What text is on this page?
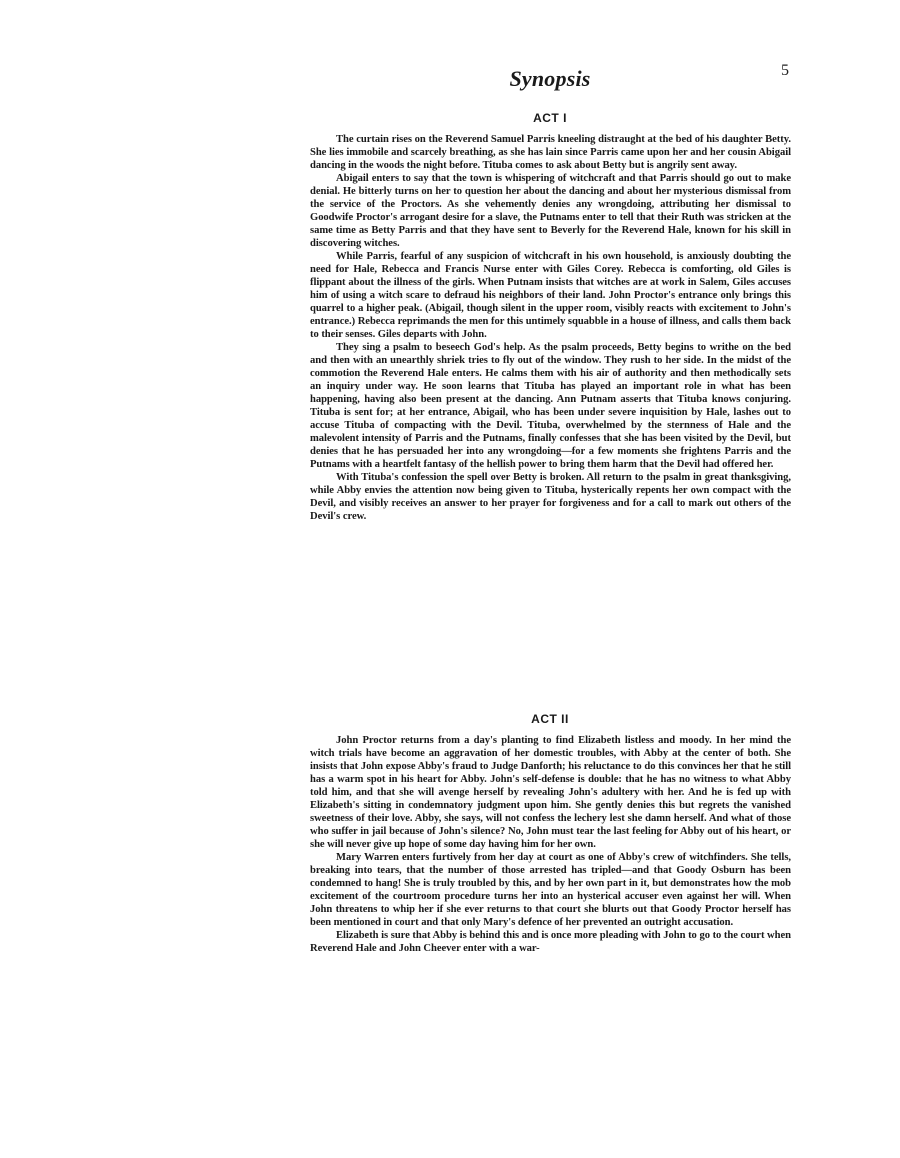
5
Synopsis
ACT I

The curtain rises on the Reverend Samuel Parris kneeling distraught at the bed of his daughter Betty. She lies immobile and scarcely breathing, as she has lain since Parris came upon her and her cousin Abigail dancing in the woods the night before. Tituba comes to ask about Betty but is angrily sent away.

Abigail enters to say that the town is whispering of witchcraft and that Parris should go out to make denial. He bitterly turns on her to question her about the dancing and about her mysterious dismissal from the service of the Proctors. As she vehemently denies any wrongdoing, attributing her dismissal to Goodwife Proctor's arrogant desire for a slave, the Putnams enter to tell that their Ruth was stricken at the same time as Betty Parris and that they have sent to Beverly for the Reverend Hale, known for his skill in discovering witches.

While Parris, fearful of any suspicion of witchcraft in his own household, is anxiously doubting the need for Hale, Rebecca and Francis Nurse enter with Giles Corey. Rebecca is comforting, old Giles is flippant about the illness of the girls. When Putnam insists that witches are at work in Salem, Giles accuses him of using a witch scare to defraud his neighbors of their land. John Proctor's entrance only brings this quarrel to a higher peak. (Abigail, though silent in the upper room, visibly reacts with excitement to John's entrance.) Rebecca reprimands the men for this untimely squabble in a house of illness, and calls them back to their senses. Giles departs with John.

They sing a psalm to beseech God's help. As the psalm proceeds, Betty begins to writhe on the bed and then with an unearthly shriek tries to fly out of the window. They rush to her side. In the midst of the commotion the Reverend Hale enters. He calms them with his air of authority and then methodically sets an inquiry under way. He soon learns that Tituba has played an important role in what has been happening, having also been present at the dancing. Ann Putnam asserts that Tituba knows conjuring. Tituba is sent for; at her entrance, Abigail, who has been under severe inquisition by Hale, lashes out to accuse Tituba of compacting with the Devil. Tituba, overwhelmed by the sternness of Hale and the malevolent intensity of Parris and the Putnams, finally confesses that she has been visited by the Devil, but denies that he has persuaded her into any wrongdoing—for a few moments she frightens Parris and the Putnams with a heartfelt fantasy of the hellish power to bring them harm that the Devil had offered her.

With Tituba's confession the spell over Betty is broken. All return to the psalm in great thanksgiving, while Abby envies the attention now being given to Tituba, hysterically repents her own compact with the Devil, and visibly receives an answer to her prayer for forgiveness and for a call to mark out others of the Devil's crew.

ACT II

John Proctor returns from a day's planting to find Elizabeth listless and moody. In her mind the witch trials have become an aggravation of her domestic troubles, with Abby at the center of both. She insists that John expose Abby's fraud to Judge Danforth; his reluctance to do this convinces her that he still has a warm spot in his heart for Abby. John's self-defense is double: that he has no witness to what Abby told him, and that she will avenge herself by revealing John's adultery with her. And he is fed up with Elizabeth's sitting in condemnatory judgment upon him. She gently denies this but regrets the vanished sweetness of their love. Abby, she says, will not confess the lechery lest she damn herself. And what of those who suffer in jail because of John's silence? No, John must tear the last feeling for Abby out of his heart, or she will never give up hope of some day having him for her own.

Mary Warren enters furtively from her day at court as one of Abby's crew of witchfinders. She tells, breaking into tears, that the number of those arrested has tripled—and that Goody Osburn has been condemned to hang! She is truly troubled by this, and by her own part in it, but demonstrates how the mob excitement of the courtroom procedure turns her into an hysterical accuser even against her will. When John threatens to whip her if she ever returns to that court she blurts out that Goody Proctor herself has been mentioned in court and that only Mary's defence of her prevented an outright accusation.

Elizabeth is sure that Abby is behind this and is once more pleading with John to go to the court when Reverend Hale and John Cheever enter with a war-
